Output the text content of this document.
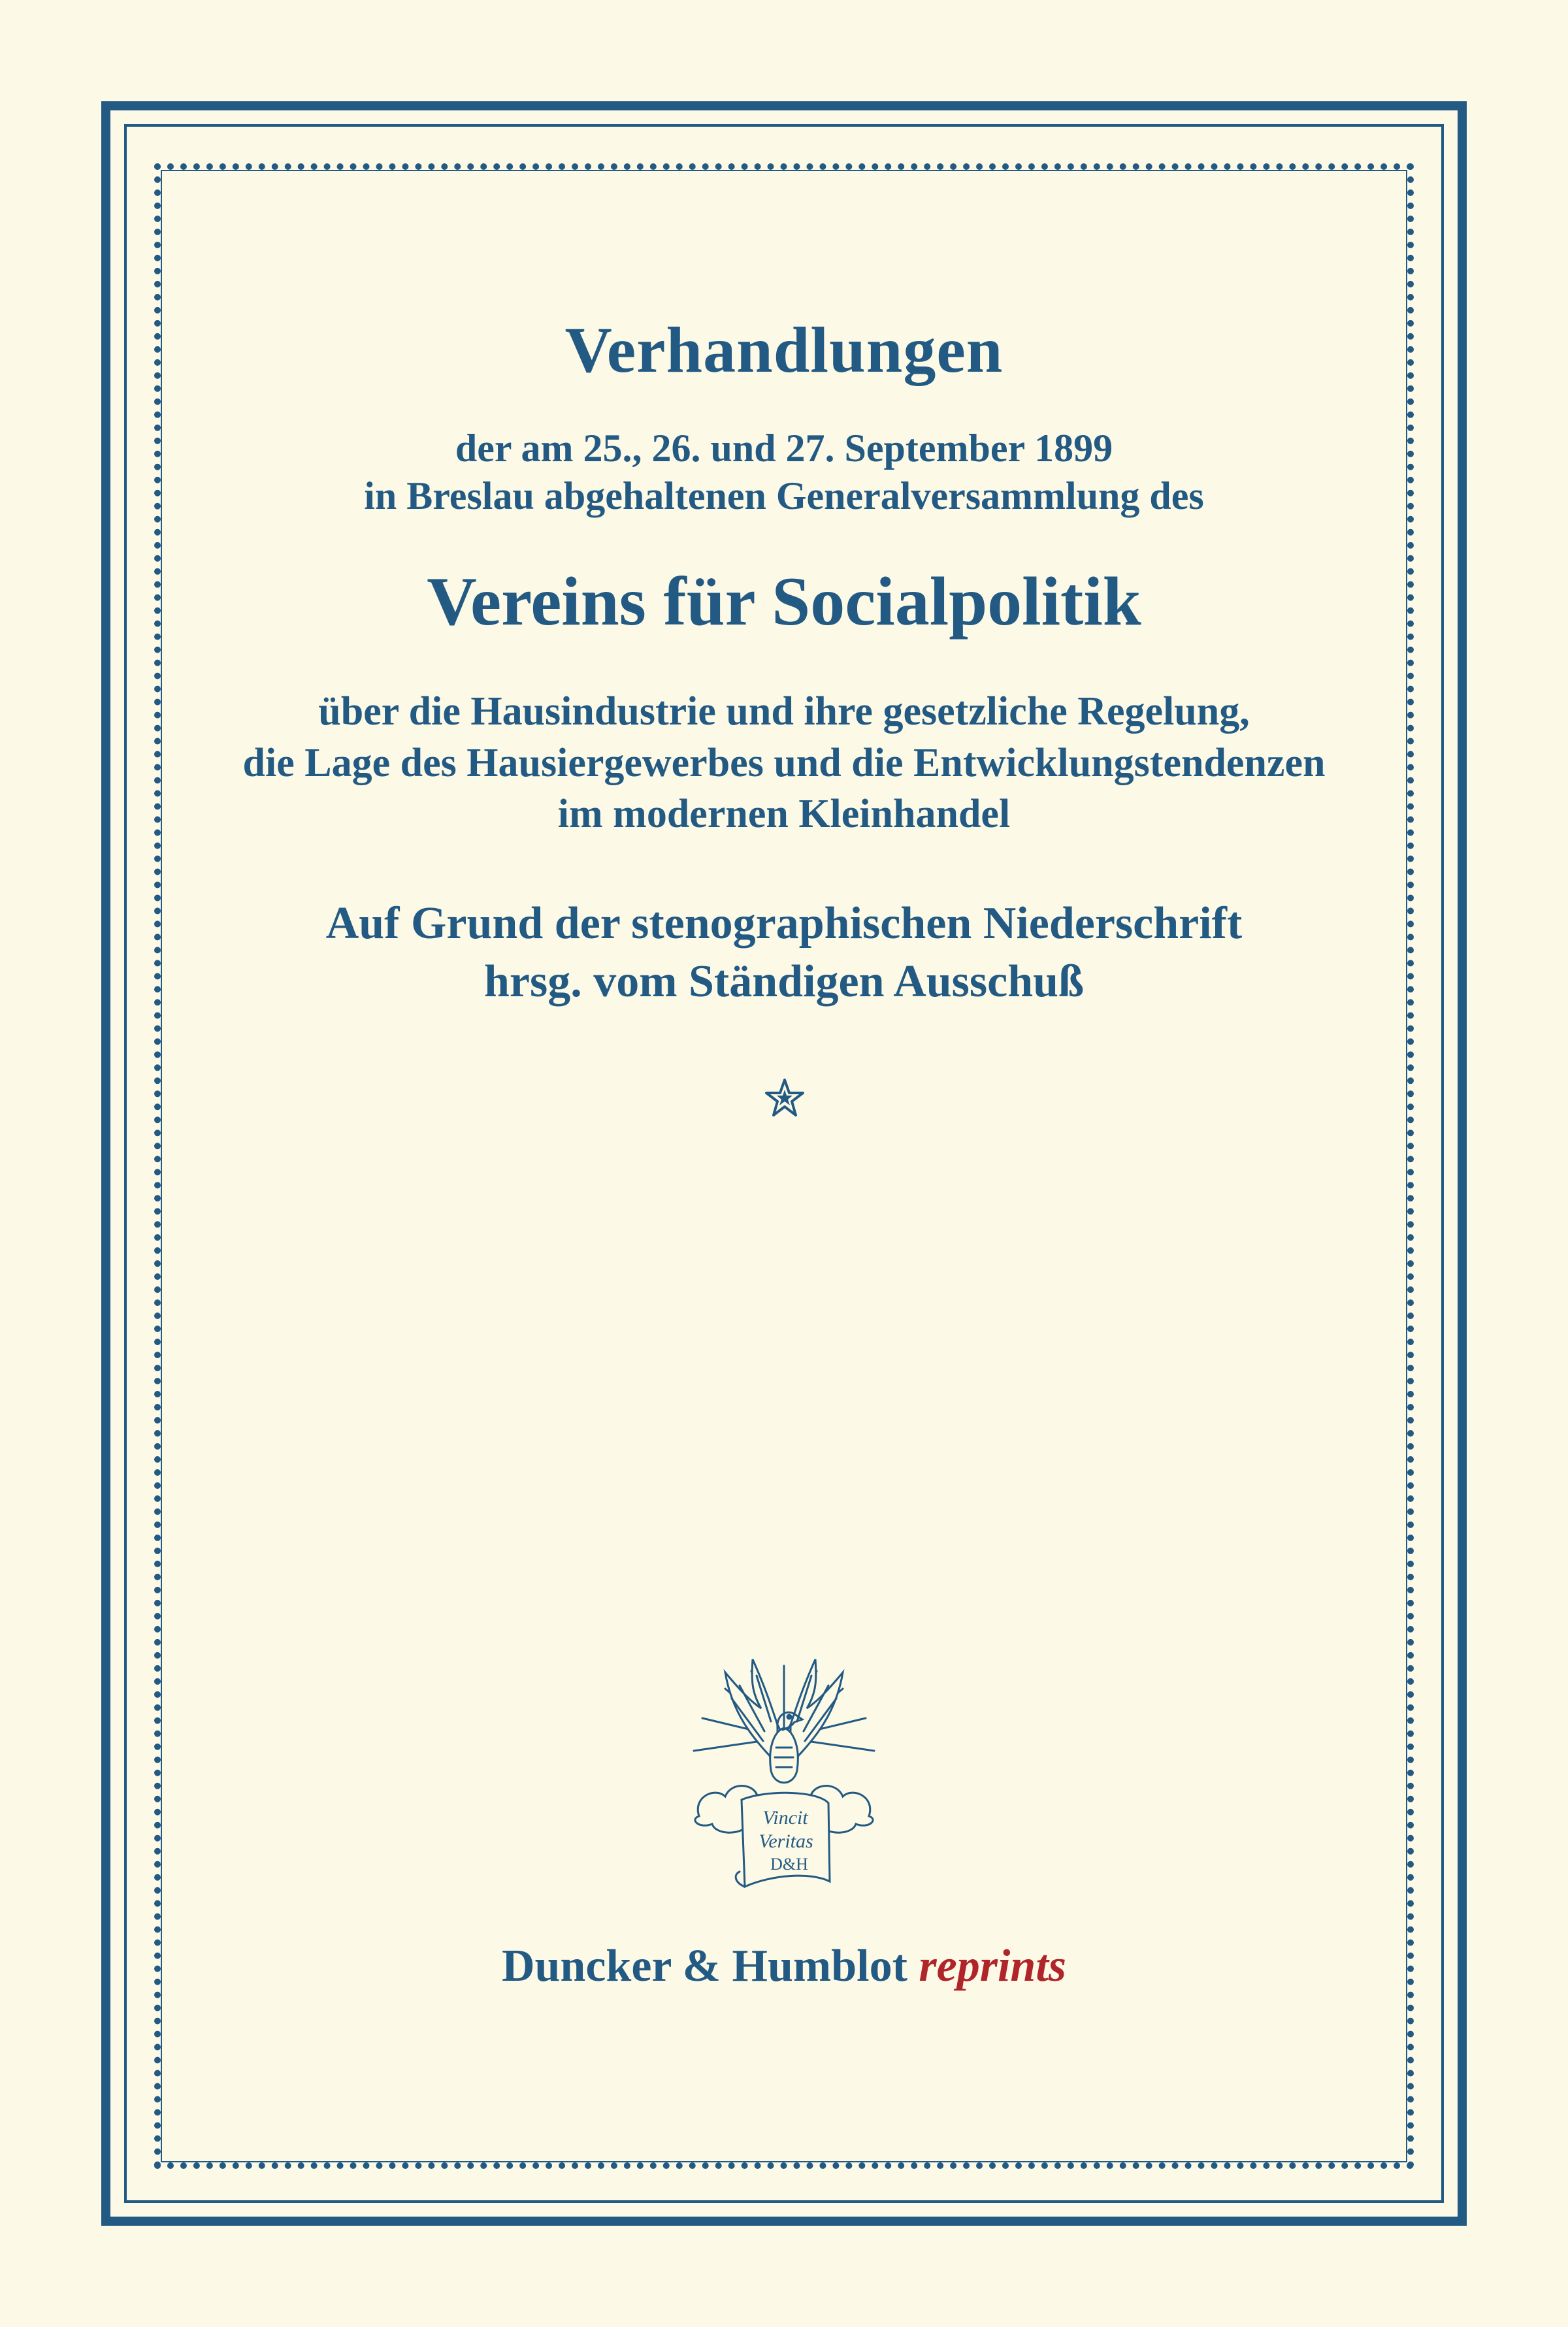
Verhandlungen
der am 25., 26. und 27. September 1899
in Breslau abgehaltenen Generalversammlung des
Vereins für Socialpolitik
über die Hausindustrie und ihre gesetzliche Regelung,
die Lage des Hausiergewerbes und die Entwicklungstendenzen
im modernen Kleinhandel
Auf Grund der stenographischen Niederschrift
hrsg. vom Ständigen Ausschuß
Vincit
Veritas
D&H
Duncker & Humblot reprints
